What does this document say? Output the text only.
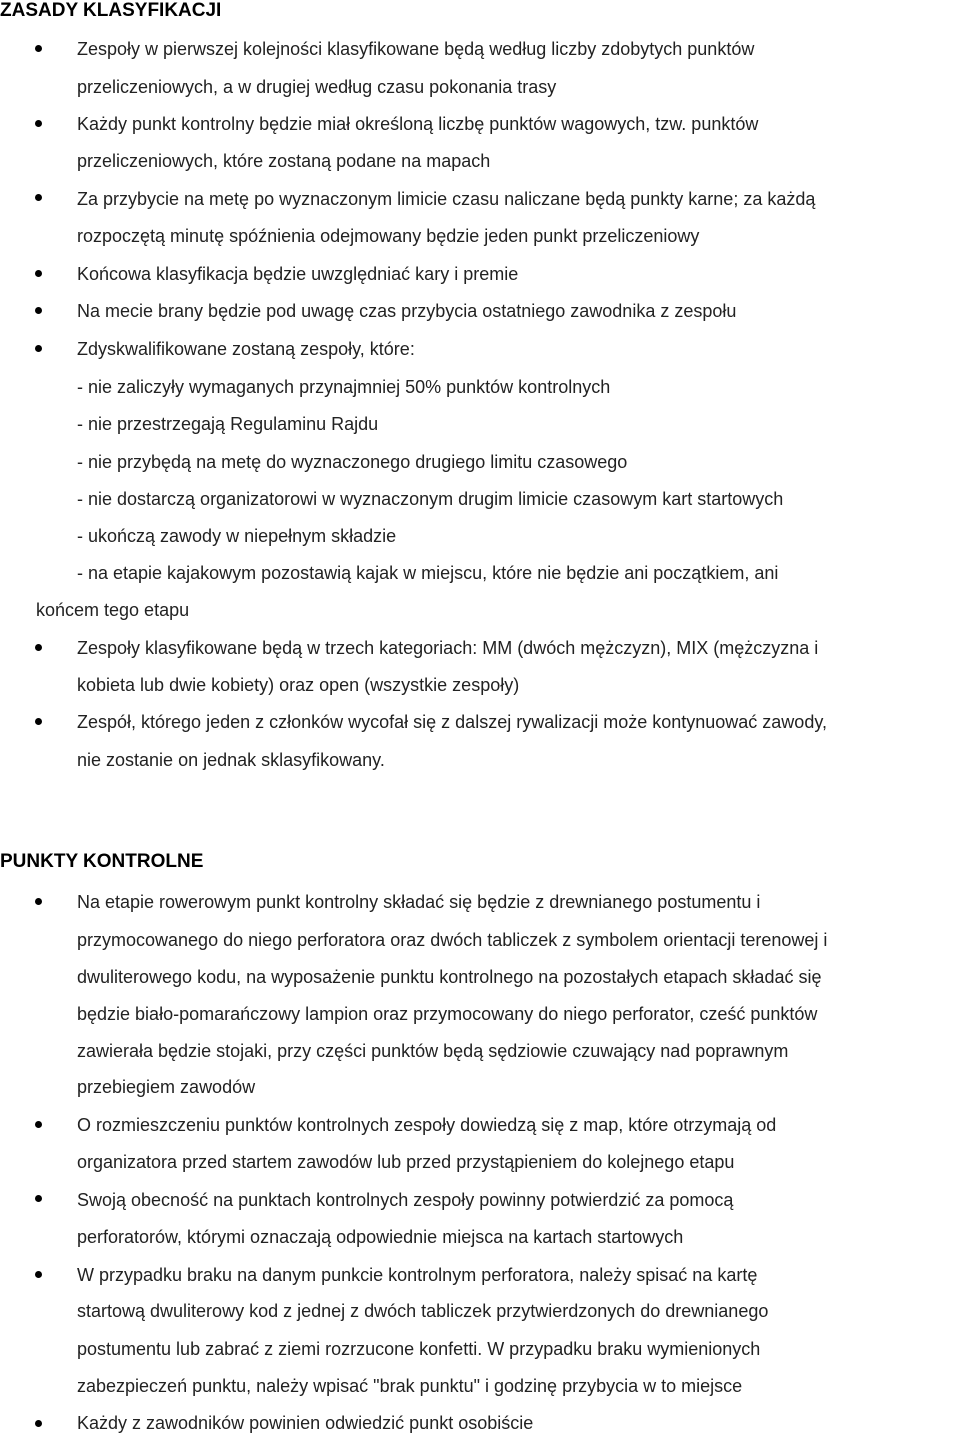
ZASADY KLASYFIKACJI
Zespoły w pierwszej kolejności klasyfikowane będą według liczby zdobytych punktów
przeliczeniowych, a w drugiej według czasu pokonania trasy
Każdy punkt kontrolny będzie miał określoną liczbę punktów wagowych, tzw. punktów
przeliczeniowych, które zostaną podane na mapach
Za przybycie na metę po wyznaczonym limicie czasu naliczane będą punkty karne; za każdą
rozpoczętą minutę spóźnienia odejmowany będzie jeden punkt przeliczeniowy
Końcowa klasyfikacja będzie uwzględniać kary i premie
Na mecie brany będzie pod uwagę czas przybycia ostatniego zawodnika z zespołu
Zdyskwalifikowane zostaną zespoły, które:
- nie zaliczyły wymaganych przynajmniej 50% punktów kontrolnych
- nie przestrzegają Regulaminu Rajdu
- nie przybędą na metę do wyznaczonego drugiego limitu czasowego
- nie dostarczą organizatorowi w wyznaczonym drugim limicie czasowym kart startowych
- ukończą zawody w niepełnym składzie
- na etapie kajakowym pozostawią kajak w miejscu, które nie będzie ani początkiem, ani
końcem tego etapu
Zespoły klasyfikowane będą w trzech kategoriach: MM (dwóch mężczyzn), MIX (mężczyzna i
kobieta lub dwie kobiety) oraz open (wszystkie zespoły)
Zespół, którego jeden z członków wycofał się z dalszej rywalizacji może kontynuować zawody,
nie zostanie on jednak sklasyfikowany.
PUNKTY KONTROLNE
Na etapie rowerowym punkt kontrolny składać się będzie z drewnianego postumentu i
przymocowanego do niego perforatora oraz dwóch tabliczek z symbolem orientacji terenowej i
dwuliterowego kodu, na wyposażenie punktu kontrolnego na pozostałych etapach składać się
będzie biało-pomarańczowy lampion oraz przymocowany do niego perforator, cześć punktów
zawierała będzie stojaki, przy części punktów będą sędziowie czuwający nad poprawnym
przebiegiem zawodów
O rozmieszczeniu punktów kontrolnych zespoły dowiedzą się z map, które otrzymają od
organizatora przed startem zawodów lub przed przystąpieniem do kolejnego etapu
Swoją obecność na punktach kontrolnych zespoły powinny potwierdzić za pomocą
perforatorów, którymi oznaczają odpowiednie miejsca na kartach startowych
W przypadku braku na danym punkcie kontrolnym perforatora, należy spisać na kartę
startową dwuliterowy kod z jednej z dwóch tabliczek przytwierdzonych do drewnianego
postumentu lub zabrać z ziemi rozrzucone konfetti. W przypadku braku wymienionych
zabezpieczeń punktu, należy wpisać "brak punktu" i godzinę przybycia w to miejsce
Każdy z zawodników powinien odwiedzić punkt osobiście
